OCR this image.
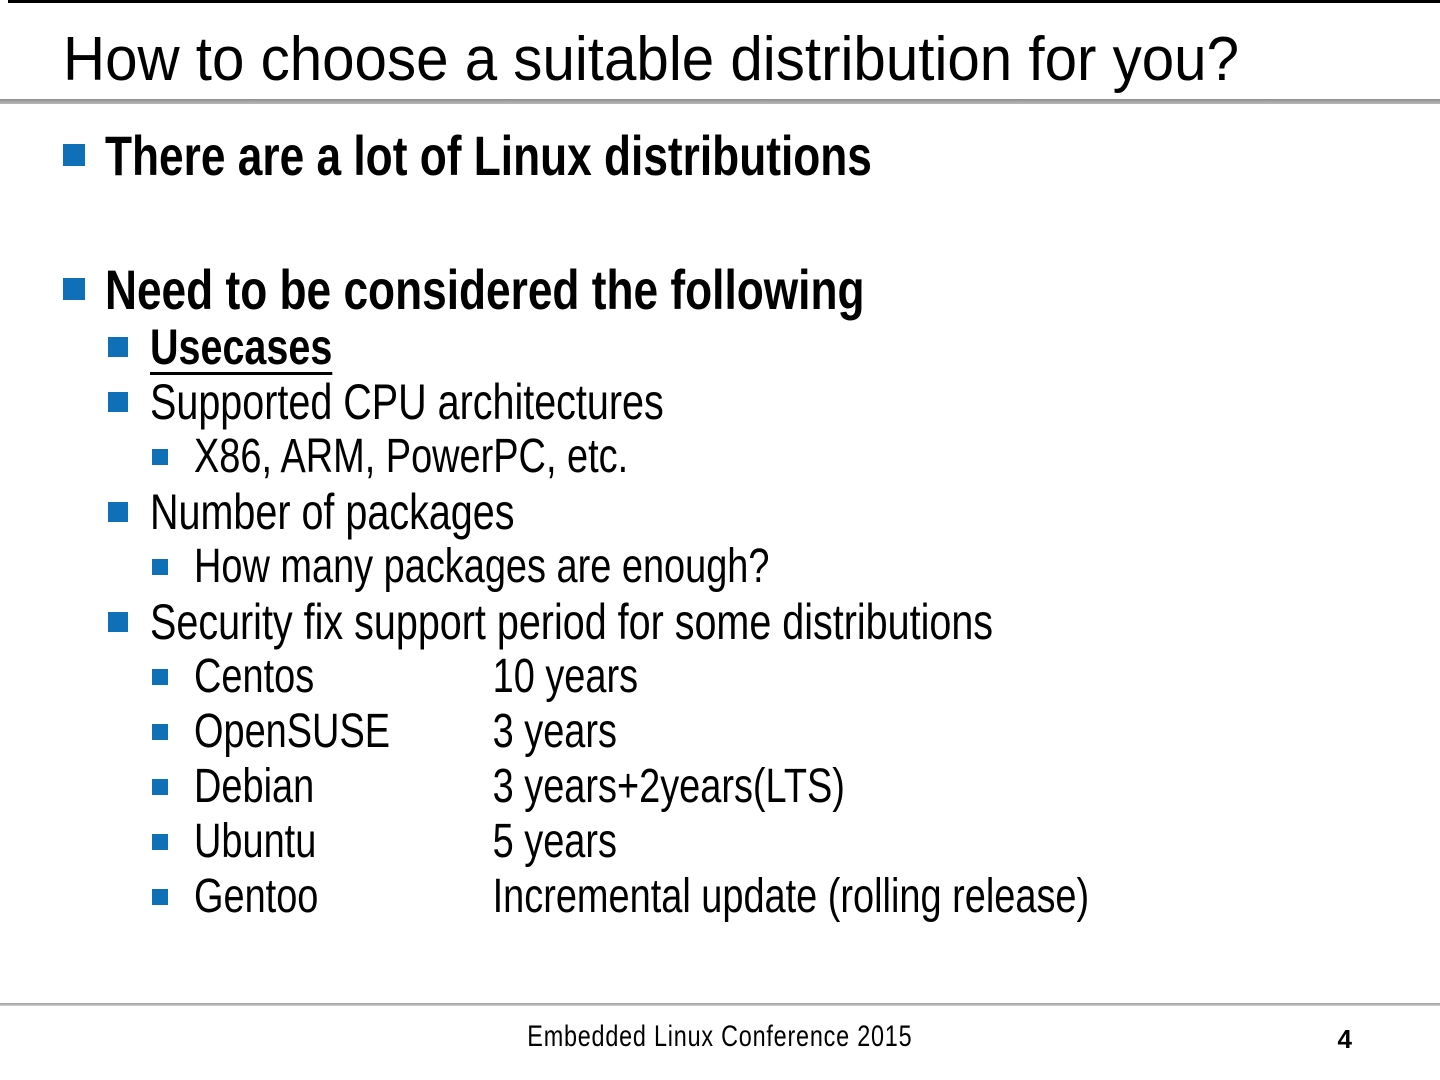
How to choose a suitable distribution for you?
There are a lot of Linux distributions
Need to be considered the following
Usecases
Supported CPU architectures
X86, ARM, PowerPC, etc.
Number of packages
How many packages are enough?
Security fix support period for some distributions
Centos	10 years
OpenSUSE 3 years
Debian	3 years+2years(LTS)
Ubuntu	5 years
Gentoo	Incremental update (rolling release)
Embedded Linux Conference 2015	4
